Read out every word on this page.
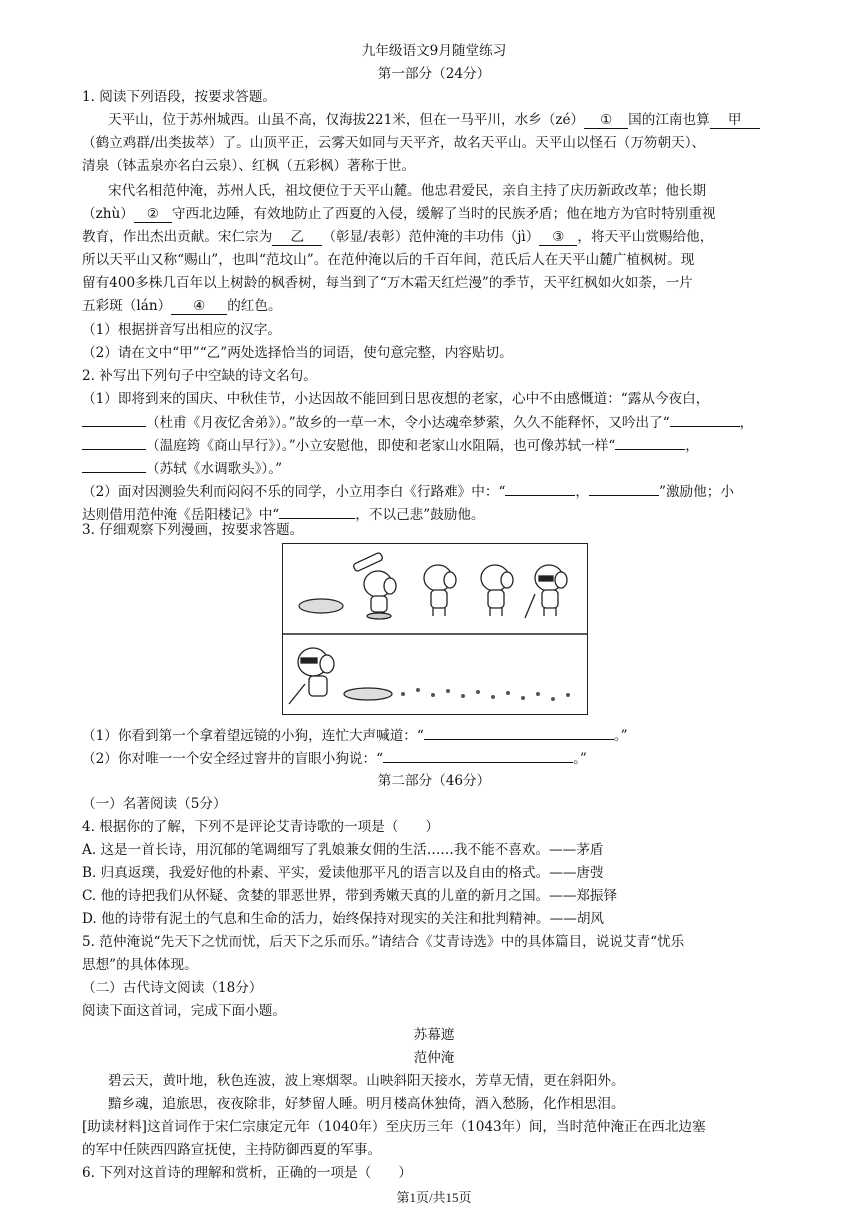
九年级语文9月随堂练习
第一部分（24分）
1. 阅读下列语段，按要求答题。
天平山，位于苏州城西。山虽不高，仅海拔221米，但在一马平川，水乡（zé） ① 国的江南也算 甲
（鹤立鸡群/出类拔萃）了。山顶平正，云雾天如同与天平齐，故名天平山。天平山以怪石（万笏朝天）、
清泉（钵盂泉亦名白云泉）、红枫（五彩枫）著称于世。
宋代名相范仲淹，苏州人氏，祖坟便位于天平山麓。他忠君爱民，亲自主持了庆历新政改革；他长期
（zhù） ② 守西北边陲，有效地防止了西夏的入侵，缓解了当时的民族矛盾；他在地方为官时特别重视
教育，作出杰出贡献。宋仁宗为 乙 （彰显/表彰）范仲淹的丰功伟（jì） ③ ，将天平山赏赐给他，
所以天平山又称“赐山”，也叫“范坟山”。在范仲淹以后的千百年间，范氏后人在天平山麓广植枫树。现
留有400多株几百年以上树龄的枫香树，每当到了“万木霜天红烂漫”的季节，天平红枫如火如荼，一片
五彩斑（lán） ④ 的红色。
（1）根据拼音写出相应的汉字。
（2）请在文中“甲”“乙”两处选择恰当的词语，使句意完整，内容贴切。
2. 补写出下列句子中空缺的诗文名句。
（1）即将到来的国庆、中秋佳节，小达因故不能回到日思夜想的老家，心中不由感慨道：“露从今夜白，
（杜甫《月夜忆舍弟》）。”故乡的一草一木，令小达魂牵梦萦，久久不能释怀，又吟出了“	，
（温庭筠《商山早行》）。”小立安慰他，即使和老家山水阻隔，也可像苏轼一样“	，
（苏轼《水调歌头》）。”
（2）面对因测验失利而闷闷不乐的同学，小立用李白《行路难》中：“	，	”激励他；小
达则借用范仲淹《岳阳楼记》中“	，不以己悲”鼓励他。
3. 仔细观察下列漫画，按要求答题。
（1）你看到第一个拿着望远镜的小狗，连忙大声喊道：“	。”
（2）你对唯一一个安全经过窨井的盲眼小狗说：“	。”
第二部分（46分）
（一）名著阅读（5分）
4. 根据你的了解，下列不是评论艾青诗歌的一项是（　　）
A. 这是一首长诗，用沉郁的笔调细写了乳娘兼女佣的生活……我不能不喜欢。——茅盾
B. 归真返璞，我爱好他的朴素、平实，爱读他那平凡的语言以及自由的格式。——唐弢
C. 他的诗把我们从怀疑、贪婪的罪恶世界，带到秀嫩天真的儿童的新月之国。——郑振铎
D. 他的诗带有泥土的气息和生命的活力，始终保持对现实的关注和批判精神。——胡风
5. 范仲淹说“先天下之忧而忧，后天下之乐而乐。”请结合《艾青诗选》中的具体篇目，说说艾青“忧乐
思想”的具体体现。
（二）古代诗文阅读（18分）
阅读下面这首词，完成下面小题。
苏幕遮
范仲淹
碧云天，黄叶地，秋色连波，波上寒烟翠。山映斜阳天接水，芳草无情，更在斜阳外。
黯乡魂，追旅思，夜夜除非，好梦留人睡。明月楼高休独倚，酒入愁肠，化作相思泪。
[助读材料]这首词作于宋仁宗康定元年（1040年）至庆历三年（1043年）间，当时范仲淹正在西北边塞
的军中任陕西四路宣抚使，主持防御西夏的军事。
6. 下列对这首诗的理解和赏析，正确的一项是（　　）
第1页/共15页
